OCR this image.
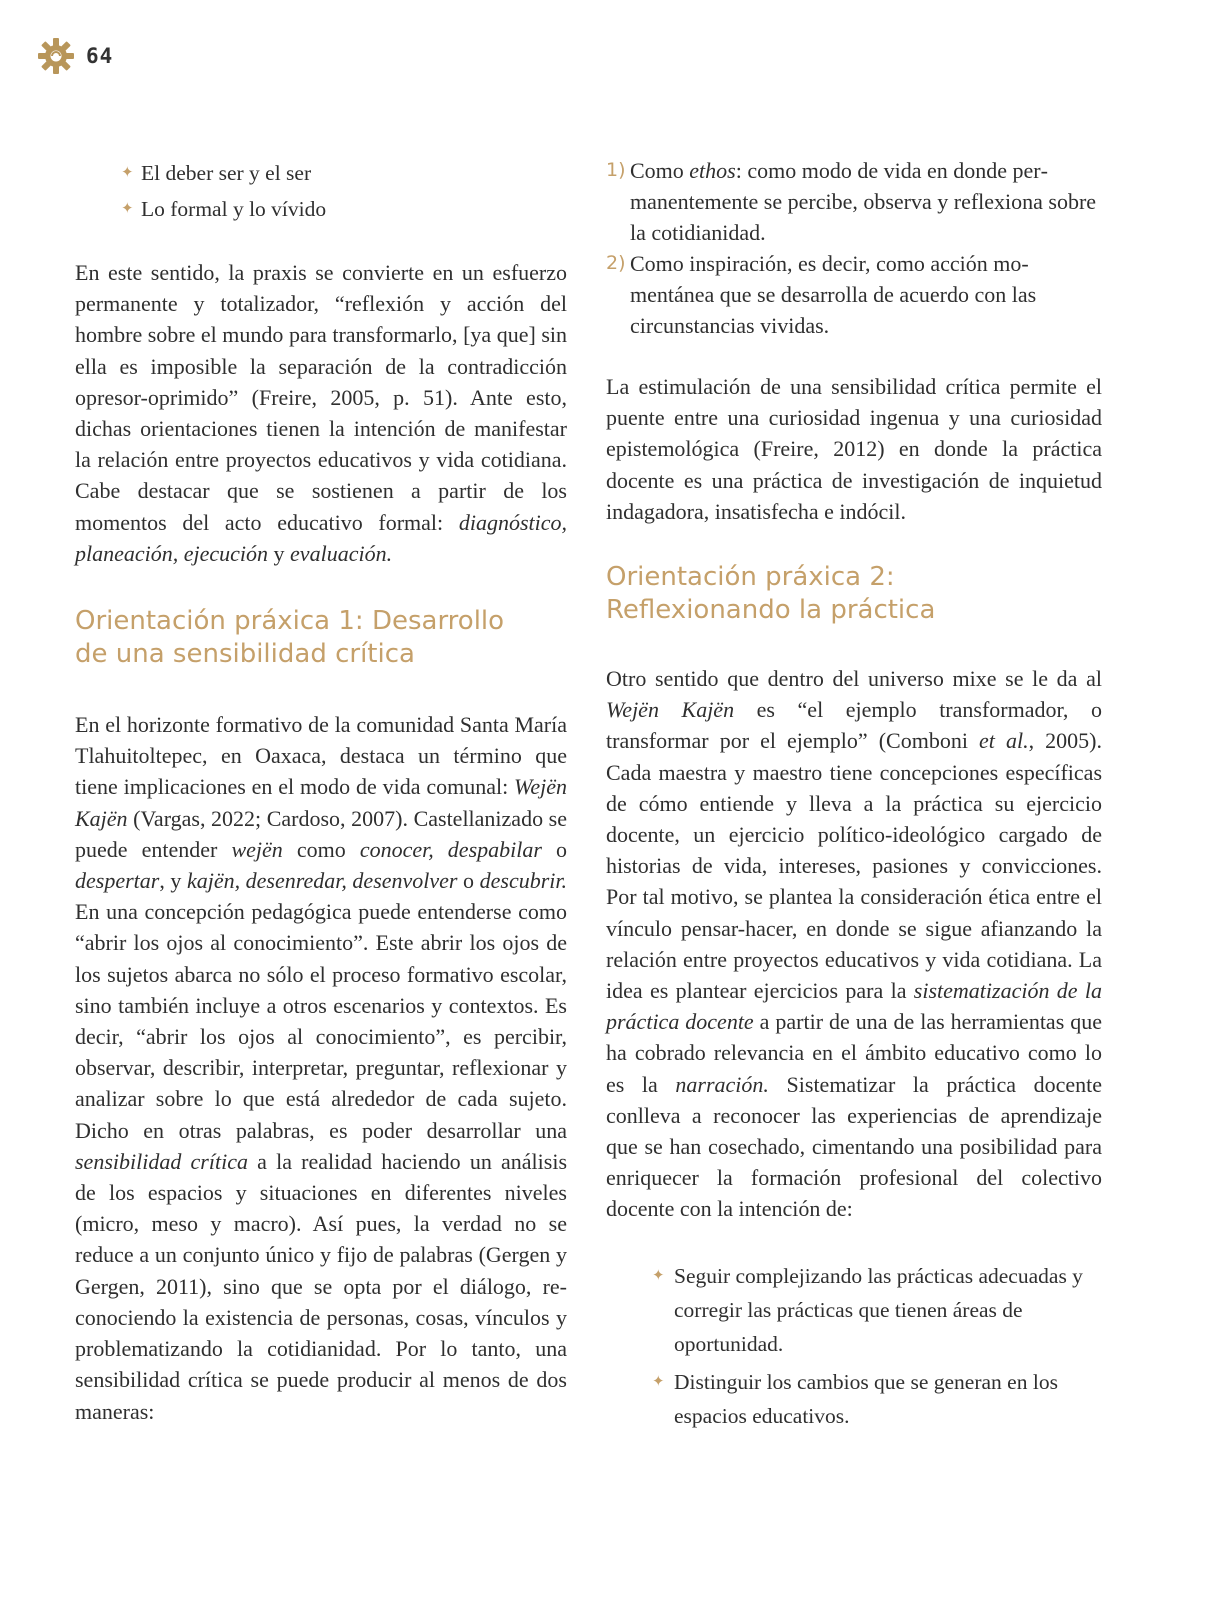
64
✦ El deber ser y el ser
✦ Lo formal y lo vívido

En este sentido, la praxis se convierte en un esfuerzo permanente y totalizador, “reflexión y acción del hombre sobre el mundo para transformarlo, [ya que] sin ella es imposible la separación de la contradicción opresor-oprimido” (Freire, 2005, p. 51). Ante esto, dichas orientaciones tienen la intención de manifestar la relación entre proyectos educativos y vida cotidiana. Cabe destacar que se sostienen a partir de los momentos del acto educativo formal: diagnóstico, planeación, ejecución y evaluación.

Orientación práxica 1: Desarrollo de una sensibilidad crítica

En el horizonte formativo de la comunidad Santa María Tlahuitoltepec, en Oaxaca, destaca un término que tiene implicaciones en el modo de vida comunal: Wejën Kajën (Vargas, 2022; Cardoso, 2007). Castellanizado se puede entender wejën como conocer, despabilar o despertar, y kajën, desenredar, desenvolver o descubrir. En una concepción pedagógica puede entenderse como “abrir los ojos al conocimiento”. Este abrir los ojos de los sujetos abarca no sólo el proceso formativo escolar, sino también incluye a otros escenarios y contextos. Es decir, “abrir los ojos al conocimiento”, es percibir, observar, describir, interpretar, preguntar, reflexionar y analizar sobre lo que está alrededor de cada sujeto. Dicho en otras palabras, es poder desarrollar una sensibilidad crítica a la realidad haciendo un análisis de los espacios y situaciones en diferentes niveles (micro, meso y macro). Así pues, la verdad no se reduce a un conjunto único y fijo de palabras (Gergen y Gergen, 2011), sino que se opta por el diálogo, reconociendo la existencia de personas, cosas, vínculos y problematizando la cotidianidad. Por lo tanto, una sensibilidad crítica se puede producir al menos de dos maneras:

1) Como ethos: como modo de vida en donde permanentemente se percibe, observa y reflexiona sobre la cotidianidad.
2) Como inspiración, es decir, como acción momentánea que se desarrolla de acuerdo con las circunstancias vividas.

La estimulación de una sensibilidad crítica permite el puente entre una curiosidad ingenua y una curiosidad epistemológica (Freire, 2012) en donde la práctica docente es una práctica de investigación de inquietud indagadora, insatisfecha e indócil.

Orientación práxica 2: Reflexionando la práctica

Otro sentido que dentro del universo mixe se le da al Wejën Kajën es “el ejemplo transformador, o transformar por el ejemplo” (Comboni et al., 2005). Cada maestra y maestro tiene concepciones específicas de cómo entiende y lleva a la práctica su ejercicio docente, un ejercicio político-ideológico cargado de historias de vida, intereses, pasiones y convicciones. Por tal motivo, se plantea la consideración ética entre el vínculo pensar-hacer, en donde se sigue afianzando la relación entre proyectos educativos y vida cotidiana. La idea es plantear ejercicios para la sistematización de la práctica docente a partir de una de las herramientas que ha cobrado relevancia en el ámbito educativo como lo es la narración. Sistematizar la práctica docente conlleva a reconocer las experiencias de aprendizaje que se han cosechado, cimentando una posibilidad para enriquecer la formación profesional del colectivo docente con la intención de:

✦ Seguir complejizando las prácticas adecuadas y corregir las prácticas que tienen áreas de oportunidad.
✦ Distinguir los cambios que se generan en los espacios educativos.
